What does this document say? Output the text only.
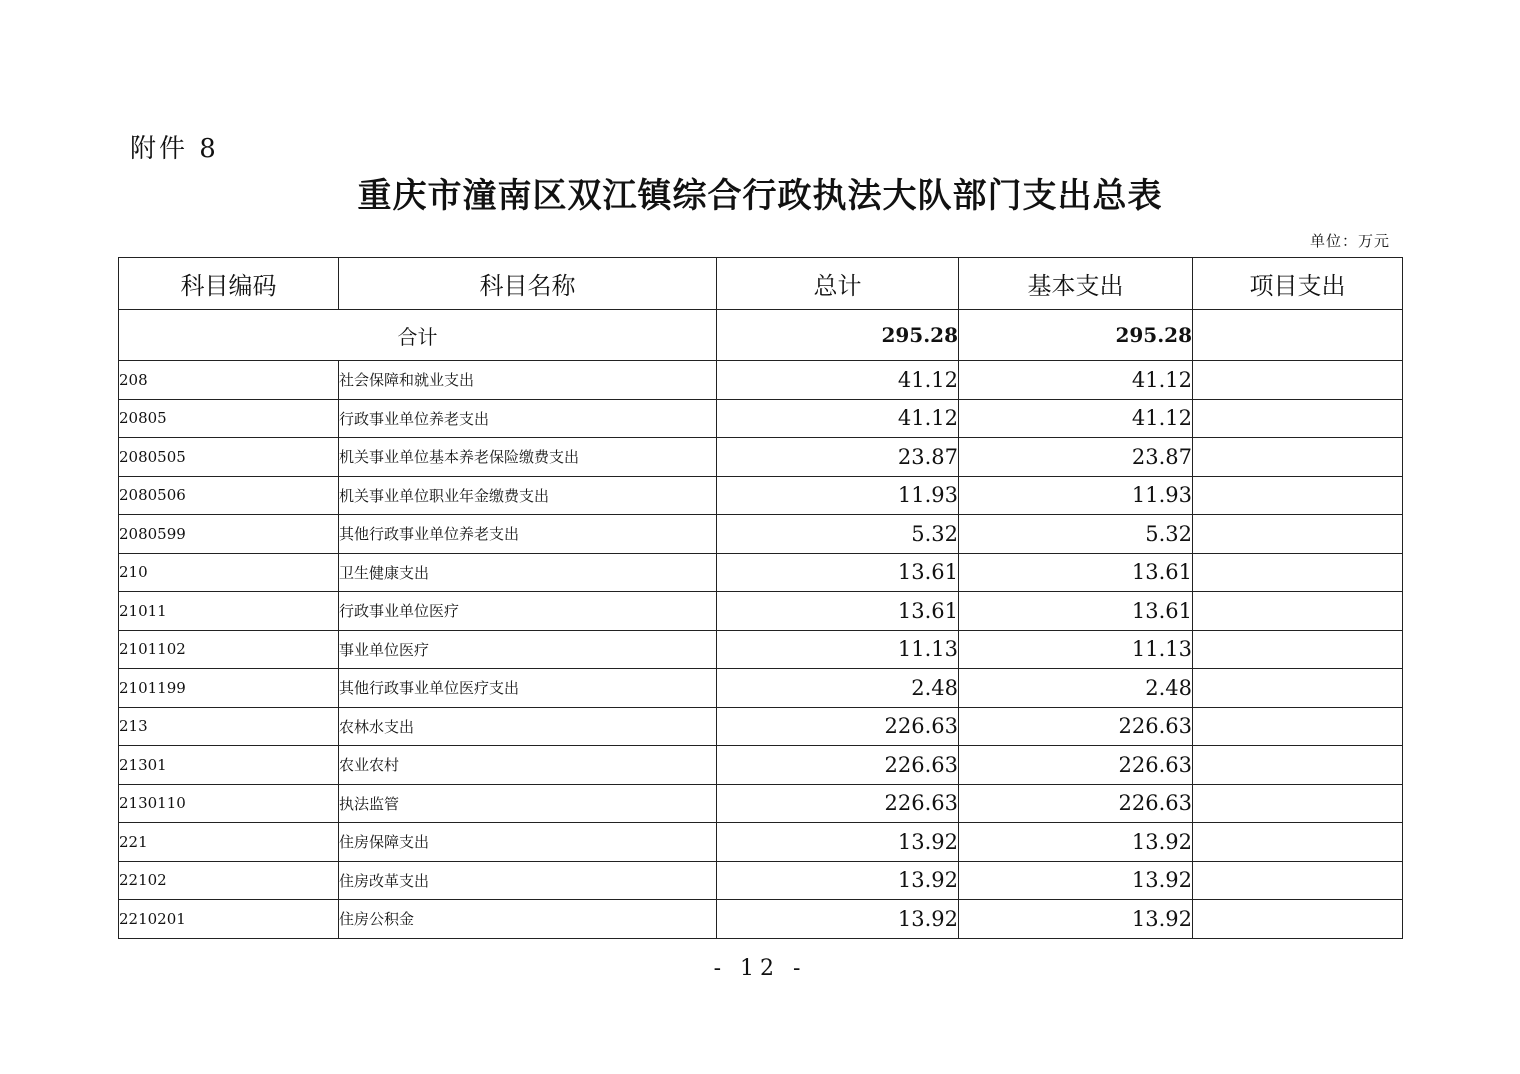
附件 8
重庆市潼南区双江镇综合行政执法大队部门支出总表
单位：万元
科目编码	科目名称	总计	基本支出	项目支出
合计		295.28	295.28	
208	社会保障和就业支出	41.12	41.12	
20805	行政事业单位养老支出	41.12	41.12	
2080505	机关事业单位基本养老保险缴费支出	23.87	23.87	
2080506	机关事业单位职业年金缴费支出	11.93	11.93	
2080599	其他行政事业单位养老支出	5.32	5.32	
210	卫生健康支出	13.61	13.61	
21011	行政事业单位医疗	13.61	13.61	
2101102	事业单位医疗	11.13	11.13	
2101199	其他行政事业单位医疗支出	2.48	2.48	
213	农林水支出	226.63	226.63	
21301	农业农村	226.63	226.63	
2130110	执法监管	226.63	226.63	
221	住房保障支出	13.92	13.92	
22102	住房改革支出	13.92	13.92	
2210201	住房公积金	13.92	13.92	
- 12 -
